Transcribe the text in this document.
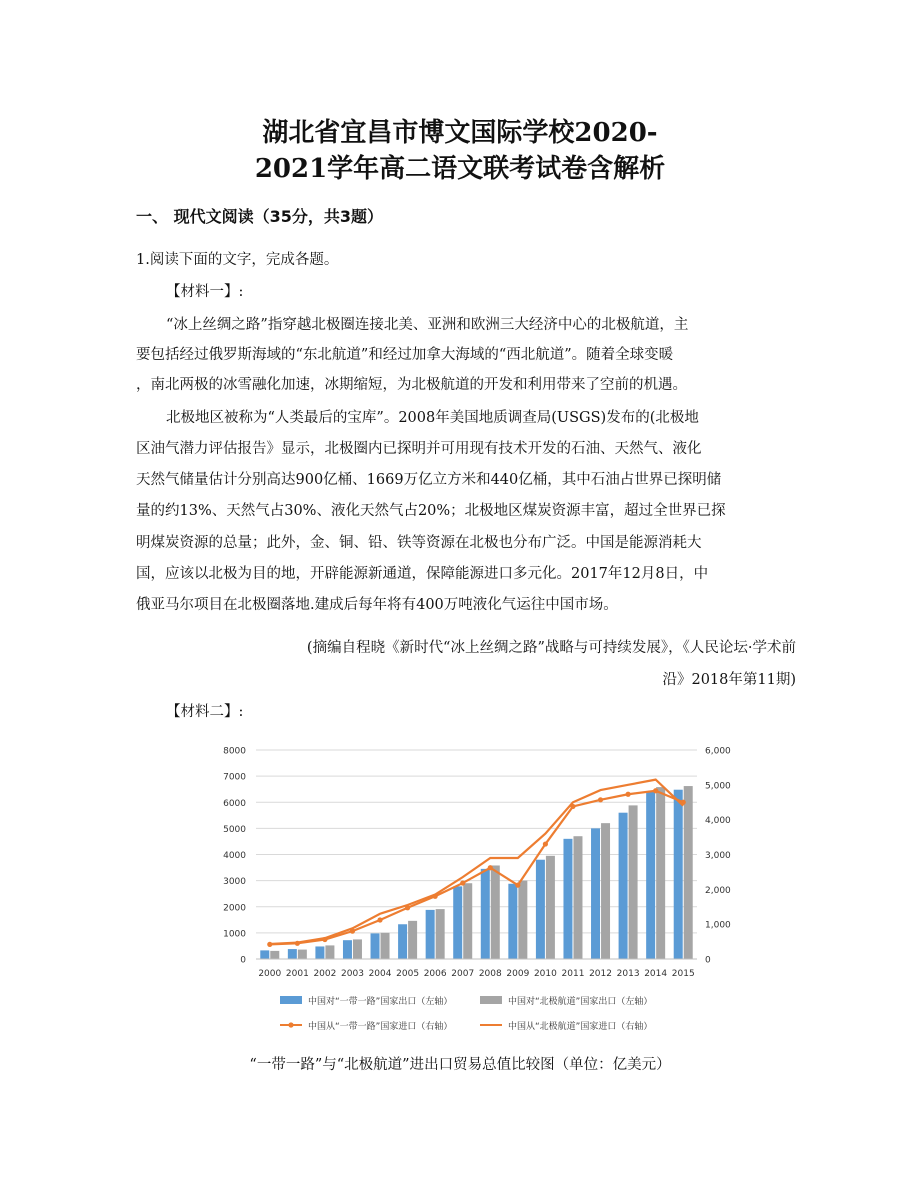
湖北省宜昌市博文国际学校2020-
2021学年高二语文联考试卷含解析
一、 现代文阅读（35分，共3题）
1.阅读下面的文字，完成各题。
【材料一】:
“冰上丝绸之路”指穿越北极圈连接北美、亚洲和欧洲三大经济中心的北极航道，主
要包括经过俄罗斯海域的“东北航道”和经过加拿大海域的“西北航道”。随着全球变暖
，南北两极的冰雪融化加速，冰期缩短，为北极航道的开发和利用带来了空前的机遇。
北极地区被称为“人类最后的宝库”。2008年美国地质调查局(USGS)发布的(北极地
区油气潜力评估报告》显示，北极圈内已探明并可用现有技术开发的石油、天然气、液化
天然气储量估计分别高达900亿桶、1669万亿立方米和440亿桶，其中石油占世界已探明储
量的约13%、天然气占30%、液化天然气占20%；北极地区煤炭资源丰富，超过全世界已探
明煤炭资源的总量；此外，金、铜、铅、铁等资源在北极也分布广泛。中国是能源消耗大
国，应该以北极为目的地，开辟能源新通道，保障能源进口多元化。2017年12月8日，中
俄亚马尔项目在北极圈落地.建成后每年将有400万吨液化气运往中国市场。
(摘编自程晓《新时代“冰上丝绸之路”战略与可持续发展》，《人民论坛·学术前
沿》2018年第11期)
【材料二】:
0
1000
2000
3000
4000
5000
6000
7000
8000
0
1,000
2,000
3,000
4,000
5,000
6,000
2000 2001 2002 2003 2004 2005 2006 2007 2008 2009 2010 2011 2012 2013 2014 2015
中国对“一带一路”国家出口（左轴）	中国对“北极航道”国家出口（左轴）
中国从“一带一路”国家进口（右轴）	中国从“北极航道”国家进口（右轴）
“一带一路”与“北极航道”进出口贸易总值比较图（单位：亿美元）
